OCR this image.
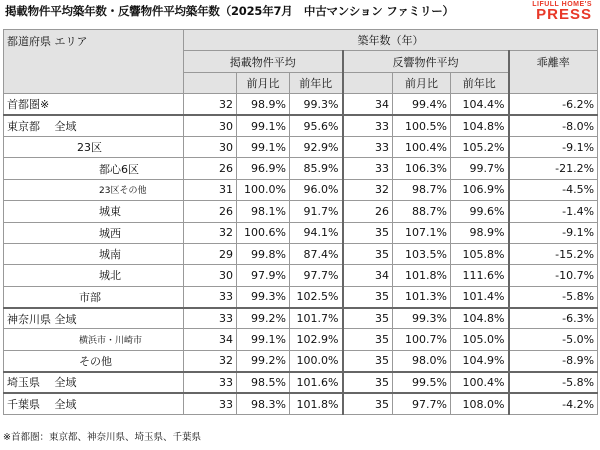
掲載物件平均築年数・反響物件平均築年数（2025年7月　中古マンション ファミリー）	LIFULL HOME'S
PRESS
都道府県 エリア	築年数（年）						
	掲載物件平均			反響物件平均			乖離率
		前月比	前年比		前月比	前年比	
首都圏※	32	98.9%	99.3%	34	99.4%	104.4%	-6.2%
東京都　 全域	30	99.1%	95.6%	33	100.5%	104.8%	-8.0%
23区	30	99.1%	92.9%	33	100.4%	105.2%	-9.1%
都心6区	26	96.9%	85.9%	33	106.3%	99.7%	-21.2%
23区その他	31	100.0%	96.0%	32	98.7%	106.9%	-4.5%
城東	26	98.1%	91.7%	26	88.7%	99.6%	-1.4%
城西	32	100.6%	94.1%	35	107.1%	98.9%	-9.1%
城南	29	99.8%	87.4%	35	103.5%	105.8%	-15.2%
城北	30	97.9%	97.7%	34	101.8%	111.6%	-10.7%
市部	33	99.3%	102.5%	35	101.3%	101.4%	-5.8%
神奈川県 全域	33	99.2%	101.7%	35	99.3%	104.8%	-6.3%
横浜市・川崎市	34	99.1%	102.9%	35	100.7%	105.0%	-5.0%
その他	32	99.2%	100.0%	35	98.0%	104.9%	-8.9%
埼玉県　 全域	33	98.5%	101.6%	35	99.5%	100.4%	-5.8%
千葉県　 全域	33	98.3%	101.8%	35	97.7%	108.0%	-4.2%
※首都圏：東京都、神奈川県、埼玉県、千葉県
